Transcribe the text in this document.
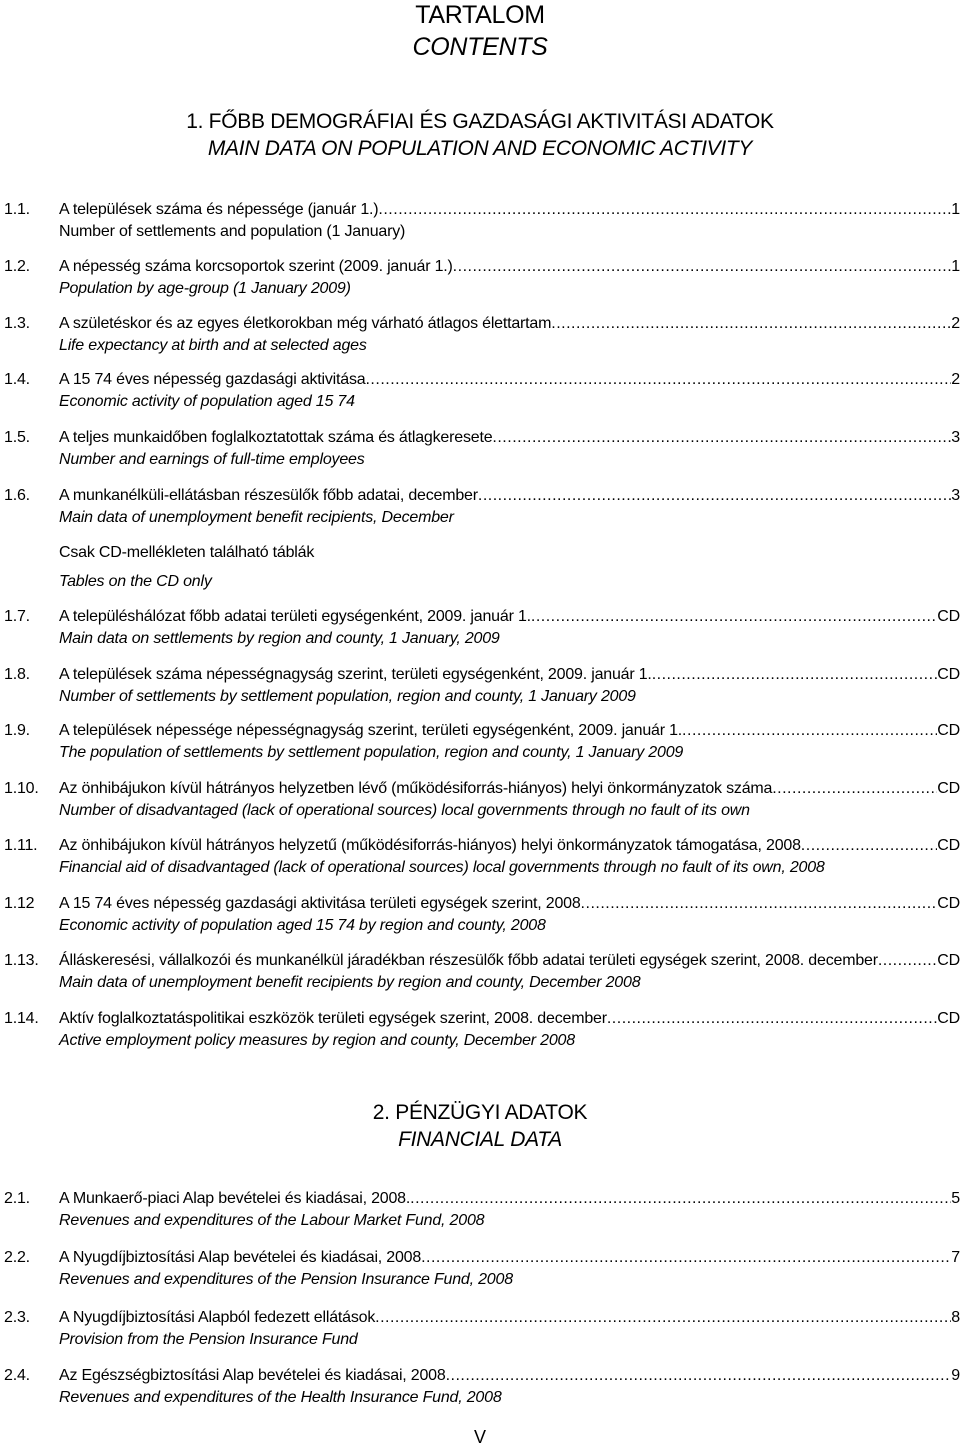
TARTALOM
CONTENTS
1. FŐBB DEMOGRÁFIAI ÉS GAZDASÁGI AKTIVITÁSI ADATOK
MAIN DATA ON POPULATION AND ECONOMIC ACTIVITY
1.1.	A települések száma és népessége (január 1.) .....	1
Number of settlements and population (1 January)
1.2.	A népesség száma korcsoportok szerint (2009. január 1.) .....	1
Population by age-group (1 January 2009)
1.3.	A születéskor és az egyes életkorokban még várható átlagos élettartam .....	2
Life expectancy at birth and at selected ages
1.4.	A 15 74 éves népesség gazdasági aktivitása .....	2
Economic activity of population aged 15 74
1.5.	A teljes munkaidőben foglalkoztatottak száma és átlagkeresete .....	3
Number and earnings of full-time employees
1.6.	A munkanélküli-ellátásban részesülők főbb adatai, december .....	3
Main data of unemployment benefit recipients, December
Csak CD-mellékleten található táblák
Tables on the CD only
1.7.	A településhálózat főbb adatai területi egységenként, 2009. január 1. .....	CD
Main data on settlements by region and county, 1 January, 2009
1.8.	A települések száma népességnagyság szerint, területi egységenként, 2009. január 1. .....	CD
Number of settlements by settlement population, region and county, 1 January 2009
1.9.	A települések népessége népességnagyság szerint, területi egységenként, 2009. január 1. .....	CD
The population of settlements by settlement population, region and county, 1 January 2009
1.10.	Az önhibájukon kívül hátrányos helyzetben lévő (működésiforrás-hiányos) helyi önkormányzatok száma .....	CD
Number of disadvantaged (lack of operational sources) local governments through no fault of its own
1.11.	Az önhibájukon kívül hátrányos helyzetű (működésiforrás-hiányos) helyi önkormányzatok támogatása, 2008 .....	CD
Financial aid of disadvantaged (lack of operational sources) local governments through no fault of its own, 2008
1.12	A 15 74 éves népesség gazdasági aktivitása területi egységek szerint, 2008 .....	CD
Economic activity of population aged 15 74 by region and county, 2008
1.13.	Álláskeresési, vállalkozói és munkanélkül járadékban részesülők főbb adatai területi egységek szerint, 2008. december .....	CD
Main data of unemployment benefit recipients by region and county, December 2008
1.14.	Aktív foglalkoztatáspolitikai eszközök területi egységek szerint, 2008. december .....	CD
Active employment policy measures by region and county, December 2008
2. PÉNZÜGYI ADATOK
FINANCIAL DATA
2.1.	A Munkaerő-piaci Alap bevételei és kiadásai, 2008. .....	5
Revenues and expenditures of the Labour Market Fund, 2008
2.2.	A Nyugdíjbiztosítási Alap bevételei és kiadásai, 2008 .....	7
Revenues and expenditures of the Pension Insurance Fund, 2008
2.3.	A Nyugdíjbiztosítási Alapból fedezett ellátások .....	8
Provision from the Pension Insurance Fund
2.4.	Az Egészségbiztosítási Alap bevételei és kiadásai, 2008 .....	9
Revenues and expenditures of the Health Insurance Fund, 2008
V
